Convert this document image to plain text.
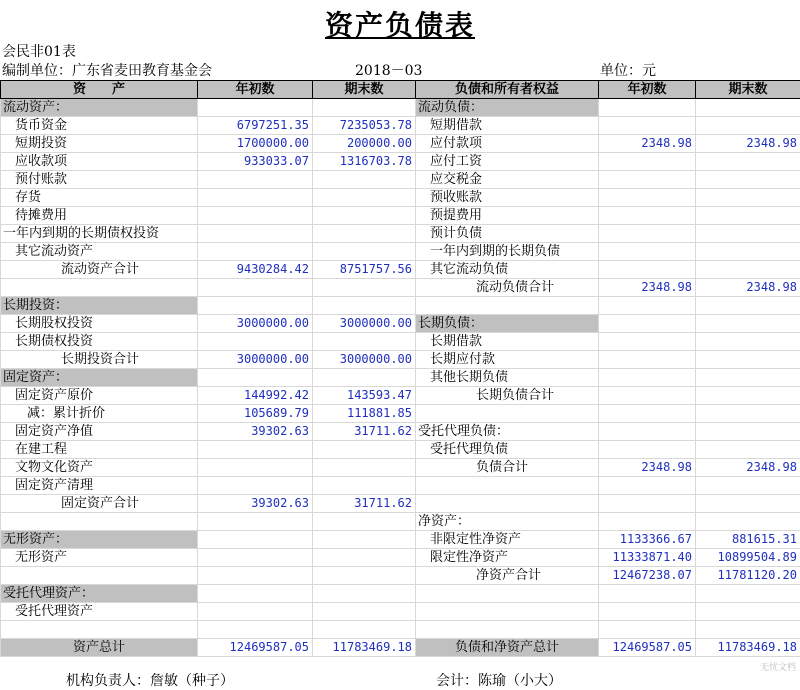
资产负债表
会民非01表
编制单位：广东省麦田教育基金会	2018－03	单位：元
资　　产	年初数	期末数	负债和所有者权益	年初数	期末数
流动资产：			流动负债：		
货币资金	6797251.35	7235053.78	短期借款		
短期投资	1700000.00	200000.00	应付款项	2348.98	2348.98
应收款项	933033.07	1316703.78	应付工资		
预付账款			应交税金		
存货			预收账款		
待摊费用			预提费用		
一年内到期的长期债权投资			预计负债		
其它流动资产			一年内到期的长期负债		
流动资产合计	9430284.42	8751757.56	其它流动负债		
			流动负债合计	2348.98	2348.98
长期投资：					
长期股权投资	3000000.00	3000000.00	长期负债：		
长期债权投资			长期借款		
长期投资合计	3000000.00	3000000.00	长期应付款		
固定资产：			其他长期负债		
固定资产原价	144992.42	143593.47	长期负债合计		
减：累计折价	105689.79	111881.85			
固定资产净值	39302.63	31711.62	受托代理负债：		
在建工程			受托代理负债		
文物文化资产			负债合计	2348.98	2348.98
固定资产清理					
固定资产合计	39302.63	31711.62			
			净资产：		
无形资产：			非限定性净资产	1133366.67	881615.31
无形资产			限定性净资产	11333871.40	10899504.89
			净资产合计	12467238.07	11781120.20
受托代理资产：					
受托代理资产					

资产总计	12469587.05	11783469.18	负债和净资产总计	12469587.05	11783469.18
机构负责人：詹敏（种子）	会计：陈瑜（小大）
无忧文档
